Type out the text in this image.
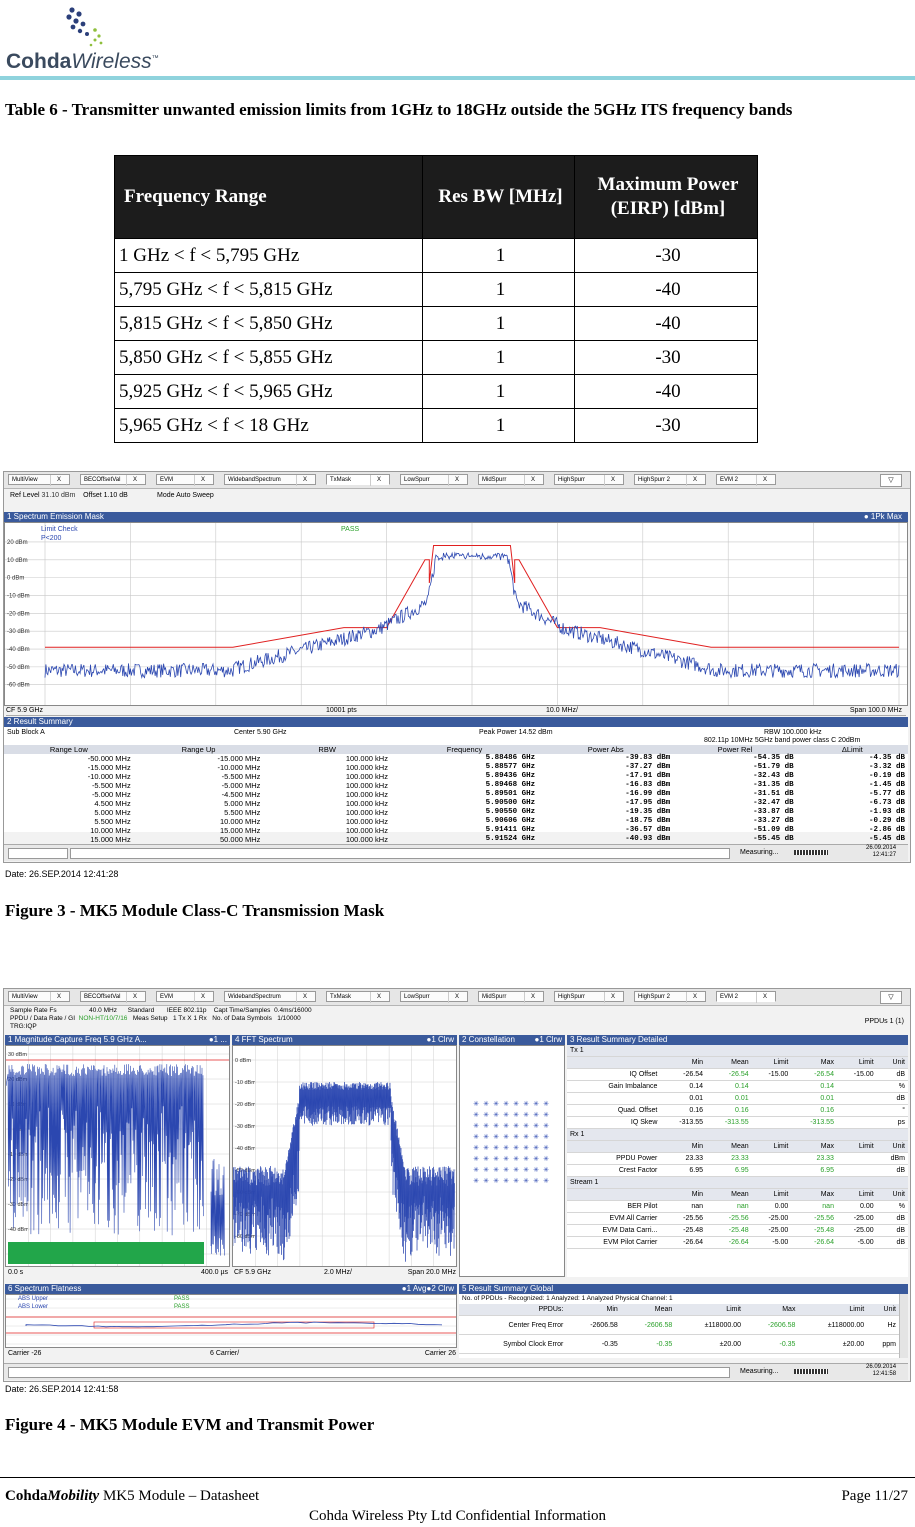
CohdaWireless™
Table 6 - Transmitter unwanted emission limits from 1GHz to 18GHz outside the 5GHz ITS frequency bands
Frequency Range	Res BW [MHz]	Maximum Power (EIRP) [dBm]
1 GHz < f < 5,795 GHz	1	-30
5,795 GHz < f < 5,815 GHz	1	-40
5,815 GHz < f < 5,850 GHz	1	-40
5,850 GHz < f < 5,855 GHz	1	-30
5,925 GHz < f < 5,965 GHz	1	-40
5,965 GHz < f < 18 GHz	1	-30
MultiView	X	BECOffsetVal	X	EVM	X	WidebandSpectrum	X	TxMask	X	LowSpurr	X	MidSpurr	X	HighSpurr	X	HighSpurr 2	X	EVM 2	X	▽
Ref Level 31.10 dBm Offset 1.10 dB	Mode Auto Sweep
1 Spectrum Emission Mask	● 1Pk Max
20 dBm
10 dBm
0 dBm
-10 dBm
-20 dBm
-30 dBm
-40 dBm
-50 dBm
-60 dBm
Limit Check
P<200
PASS
CF 5.9 GHz	10001 pts	10.0 MHz/	Span 100.0 MHz
2 Result Summary
Sub Block A	Center 5.90 GHz	Peak Power 14.52 dBm	RBW 100.000 kHz
802.11p 10MHz 5GHz band power class C 20dBm
Range Low	Range Up	RBW	Frequency	Power Abs	Power Rel	ΔLimit
-50.000 MHz	-15.000 MHz	100.000 kHz	5.88486 GHz	-39.83 dBm	-54.35 dB	-4.35 dB
-15.000 MHz	-10.000 MHz	100.000 kHz	5.88577 GHz	-37.27 dBm	-51.79 dB	-3.32 dB
-10.000 MHz	-5.500 MHz	100.000 kHz	5.89436 GHz	-17.91 dBm	-32.43 dB	-0.19 dB
-5.500 MHz	-5.000 MHz	100.000 kHz	5.89468 GHz	-16.83 dBm	-31.35 dB	-1.45 dB
-5.000 MHz	-4.500 MHz	100.000 kHz	5.89501 GHz	-16.99 dBm	-31.51 dB	-5.77 dB
4.500 MHz	5.000 MHz	100.000 kHz	5.90500 GHz	-17.95 dBm	-32.47 dB	-6.73 dB
5.000 MHz	5.500 MHz	100.000 kHz	5.90550 GHz	-19.35 dBm	-33.87 dB	-1.93 dB
5.500 MHz	10.000 MHz	100.000 kHz	5.90606 GHz	-18.75 dBm	-33.27 dB	-0.29 dB
10.000 MHz	15.000 MHz	100.000 kHz	5.91411 GHz	-36.57 dBm	-51.09 dB	-2.86 dB
15.000 MHz	50.000 MHz	100.000 kHz	5.91524 GHz	-40.93 dBm	-55.45 dB	-5.45 dB
Measuring...
26.09.2014
12:41:27
Date: 26.SEP.2014 12:41:28
Figure 3 - MK5 Module Class-C Transmission Mask
MultiView	X	BECOffsetVal	X	EVM	X	WidebandSpectrum	X	TxMask	X	LowSpurr	X	MidSpurr	X	HighSpurr	X	HighSpurr 2	X	EVM 2	X	▽
Sample Rate Fs	40.0 MHz Standard IEEE 802.11p Capt Time/Samples 0.4ms/16000
PPDU / Data Rate / GI NON-HT/10/7/16 Meas Setup 1 Tx X 1 Rx No. of Data Symbols 1/10000
TRG:IQP
PPDUs 1 (1)
1 Magnitude Capture Freq 5.9 GHz A...	●1 ...
30 dBm
20 dBm
10 dBm
0 dBm
-10 dBm
-20 dBm
-30 dBm
-40 dBm
0.0 s	400.0 µs
4 FFT Spectrum	●1 Clrw
0 dBm
-10 dBm
-20 dBm
-30 dBm
-40 dBm
-50 dBm
-60 dBm
-70 dBm
-80 dBm
CF 5.9 GHz	2.0 MHz/	Span 20.0 MHz
2 Constellation ●1 Clrw
✳ ✳ ✳ ✳ ✳ ✳ ✳ ✳
✳ ✳ ✳ ✳ ✳ ✳ ✳ ✳
✳ ✳ ✳ ✳ ✳ ✳ ✳ ✳
✳ ✳ ✳ ✳ ✳ ✳ ✳ ✳
✳ ✳ ✳ ✳ ✳ ✳ ✳ ✳
✳ ✳ ✳ ✳ ✳ ✳ ✳ ✳
✳ ✳ ✳ ✳ ✳ ✳ ✳ ✳
✳ ✳ ✳ ✳ ✳ ✳ ✳ ✳
3 Result Summary Detailed
Tx 1						
	Min	Mean	Limit	Max	Limit	Unit
IQ Offset	-26.54	-26.54	-15.00	-26.54	-15.00	dB
Gain Imbalance	0.14	0.14		0.14		%
	0.01	0.01		0.01		dB
Quad. Offset	0.16	0.16		0.16		°
IQ Skew	-313.55	-313.55		-313.55		ps
Rx 1						
	Min	Mean	Limit	Max	Limit	Unit
PPDU Power	23.33	23.33		23.33		dBm
Crest Factor	6.95	6.95		6.95		dB
Stream 1						
	Min	Mean	Limit	Max	Limit	Unit
BER Pilot	nan	nan	0.00	nan	0.00	%
EVM All Carrier	-25.56	-25.56	-25.00	-25.56	-25.00	dB
EVM Data Carri...	-25.48	-25.48	-25.00	-25.48	-25.00	dB
EVM Pilot Carrier	-26.64	-26.64	-5.00	-26.64	-5.00	dB
6 Spectrum Flatness	●1 Avg●2 Clrw
ABS Upper
ABS Lower
PASS
PASS
Carrier -26	6 Carrier/	Carrier 26
5 Result Summary Global
No. of PPDUs - Recognized: 1 Analyzed: 1 Analyzed Physical Channel: 1
PPDUs:	Min	Mean	Limit	Max	Limit	Unit
Center Freq Error	-2606.58	-2606.58	±118000.00	-2606.58	±118000.00	Hz
Symbol Clock Error	-0.35	-0.35	±20.00	-0.35	±20.00	ppm
Measuring...
26.09.2014
12:41:58
Date: 26.SEP.2014 12:41:58
Figure 4 - MK5 Module EVM and Transmit Power
CohdaMobility MK5 Module – Datasheet	Page 11/27
Cohda Wireless Pty Ltd Confidential Information
